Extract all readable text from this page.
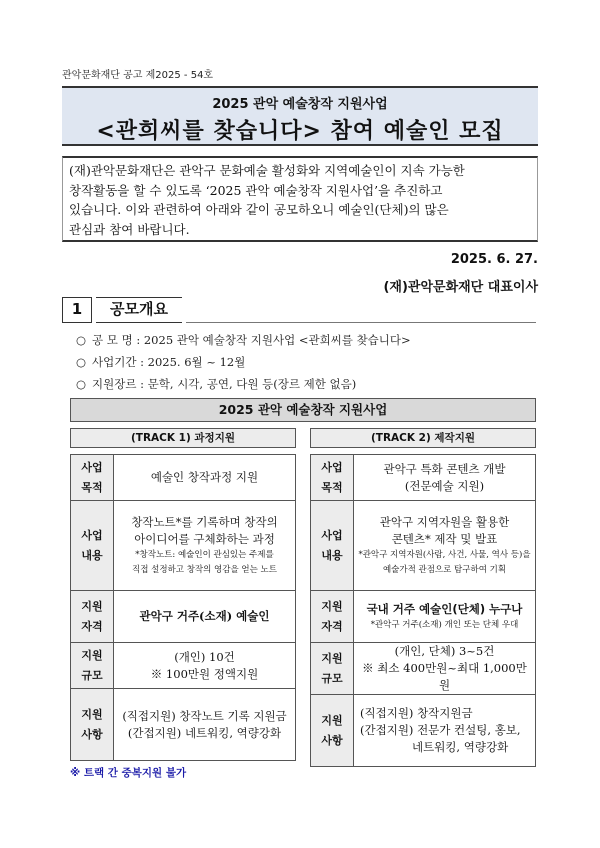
관악문화재단 공고 제2025 - 54호
2025 관악 예술창작 지원사업
<관희씨를 찾습니다> 참여 예술인 모집
(재)관악문화재단은 관악구 문화예술 활성화와 지역예술인이 지속 가능한
창작활동을 할 수 있도록 ‘2025 관악 예술창작 지원사업’을 추진하고
있습니다. 이와 관련하여 아래와 같이 공모하오니 예술인(단체)의 많은
관심과 참여 바랍니다.
2025. 6. 27.
(재)관악문화재단 대표이사
1	공모개요
○ 공 모 명 : 2025 관악 예술창작 지원사업 <관희씨를 찾습니다>
○ 사업기간 : 2025. 6월 ~ 12월
○ 지원장르 : 문학, 시각, 공연, 다원 등(장르 제한 없음)
2025 관악 예술창작 지원사업
(TRACK 1) 과정지원	(TRACK 2) 제작지원
사업
목적	예술인 창작과정 지원
사업
내용	창작노트*를 기록하며 창작의
아이디어를 구체화하는 과정
*창작노트: 예술인이 관심있는 주제를
직접 설정하고 창작의 영감을 얻는 노트

지원
자격	관악구 거주(소재) 예술인
지원
규모	(개인) 10건
※ 100만원 정액지원

지원
사항	(직접지원) 창작노트 기록 지원금
(간접지원) 네트워킹, 역량강화
사업
목적	관악구 특화 콘텐츠 개발
(전문예술 지원)

사업
내용	관악구 지역자원을 활용한
콘텐츠* 제작 및 발표
*관악구 지역자원(사람, 사건, 사물, 역사 등)을
예술가적 관점으로 탐구하여 기획

지원
자격	국내 거주 예술인(단체) 누구나
*관악구 거주(소재) 개인 또는 단체 우대

지원
규모	(개인, 단체) 3~5건
※ 최소 400만원~최대 1,000만원

지원
사항	(직접지원) 창작지원금
(간접지원) 전문가 컨설팅, 홍보,
네트워킹, 역량강화
※ 트랙 간 중복지원 불가
